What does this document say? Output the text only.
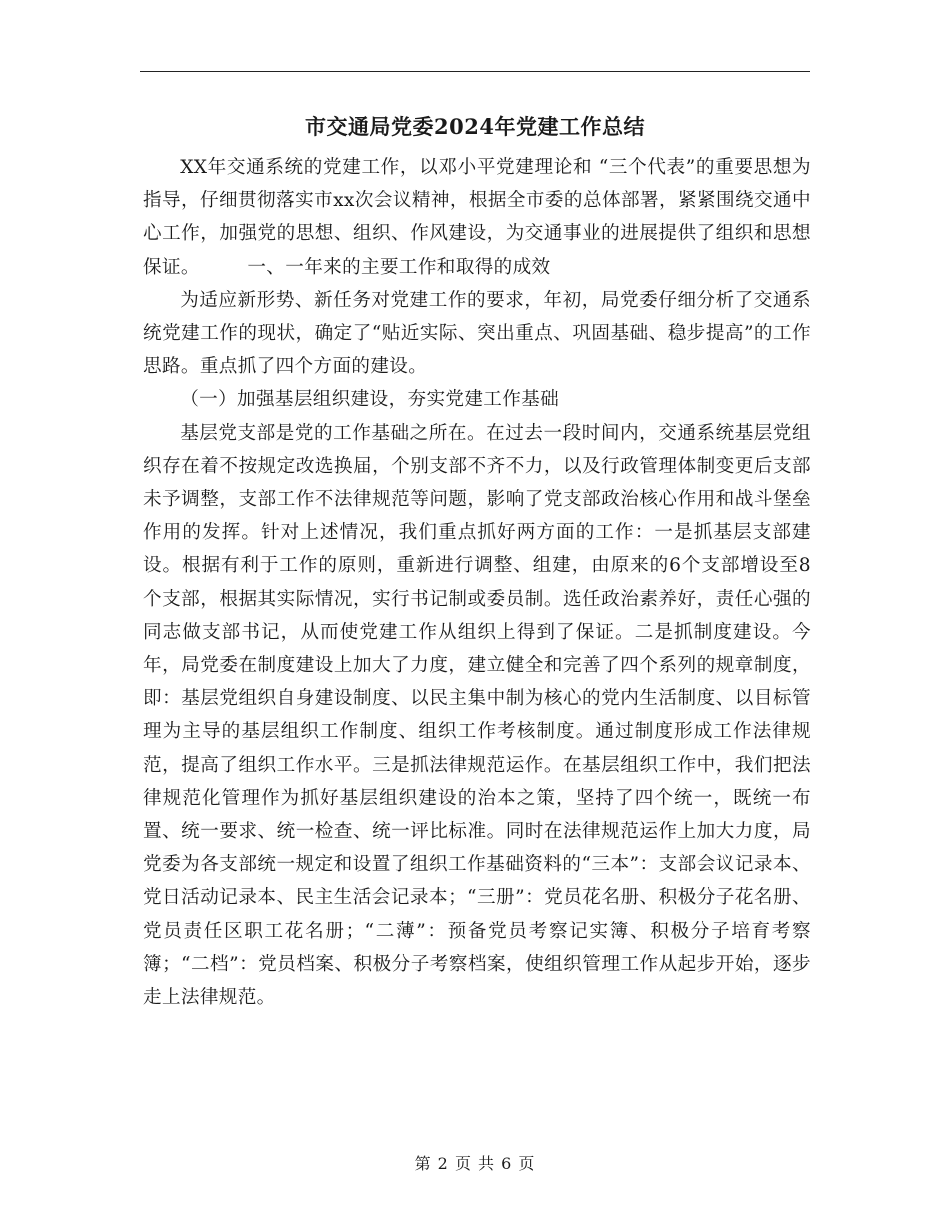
市交通局党委2024年党建工作总结

XX年交通系统的党建工作，以邓小平党建理论和 “三个代表”的重要思想为指导，仔细贯彻落实市xx次会议精神，根据全市委的总体部署，紧紧围绕交通中心工作，加强党的思想、组织、作风建设，为交通事业的进展提供了组织和思想保证。　　　一、一年来的主要工作和取得的成效

为适应新形势、新任务对党建工作的要求，年初，局党委仔细分析了交通系统党建工作的现状，确定了“贴近实际、突出重点、巩固基础、稳步提高”的工作思路。重点抓了四个方面的建设。

（一）加强基层组织建设，夯实党建工作基础

基层党支部是党的工作基础之所在。在过去一段时间内，交通系统基层党组织存在着不按规定改选换届，个别支部不齐不力，以及行政管理体制变更后支部未予调整，支部工作不法律规范等问题，影响了党支部政治核心作用和战斗堡垒作用的发挥。针对上述情况，我们重点抓好两方面的工作：一是抓基层支部建设。根据有利于工作的原则，重新进行调整、组建，由原来的6个支部增设至8个支部，根据其实际情况，实行书记制或委员制。选任政治素养好，责任心强的同志做支部书记，从而使党建工作从组织上得到了保证。二是抓制度建设。今年，局党委在制度建设上加大了力度，建立健全和完善了四个系列的规章制度，即：基层党组织自身建设制度、以民主集中制为核心的党内生活制度、以目标管理为主导的基层组织工作制度、组织工作考核制度。通过制度形成工作法律规范，提高了组织工作水平。三是抓法律规范运作。在基层组织工作中，我们把法律规范化管理作为抓好基层组织建设的治本之策，坚持了四个统一，既统一布置、统一要求、统一检查、统一评比标准。同时在法律规范运作上加大力度，局党委为各支部统一规定和设置了组织工作基础资料的“三本”：支部会议记录本、党日活动记录本、民主生活会记录本；“三册”：党员花名册、积极分子花名册、党员责任区职工花名册；“二薄”：预备党员考察记实簿、积极分子培育考察簿；“二档”：党员档案、积极分子考察档案，使组织管理工作从起步开始，逐步走上法律规范。

第 2 页 共 6 页
